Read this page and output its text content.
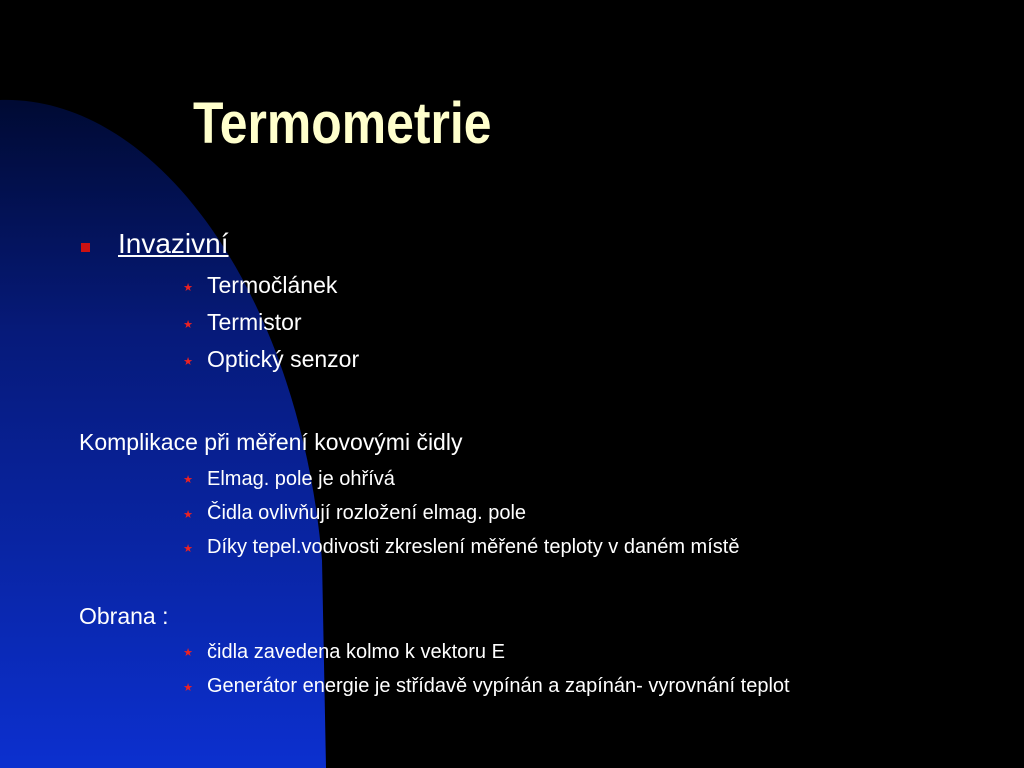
Termometrie
Invazivní
★ Termočlánek
★ Termistor
★ Optický senzor
Komplikace při měření kovovými čidly
★ Elmag. pole je ohřívá
★ Čidla ovlivňují rozložení elmag. pole
★ Díky tepel.vodivosti zkreslení měřené teploty v daném místě
Obrana :
★ čidla zavedena kolmo k vektoru E
★ Generátor energie je střídavě vypínán a zapínán- vyrovnání teplot
